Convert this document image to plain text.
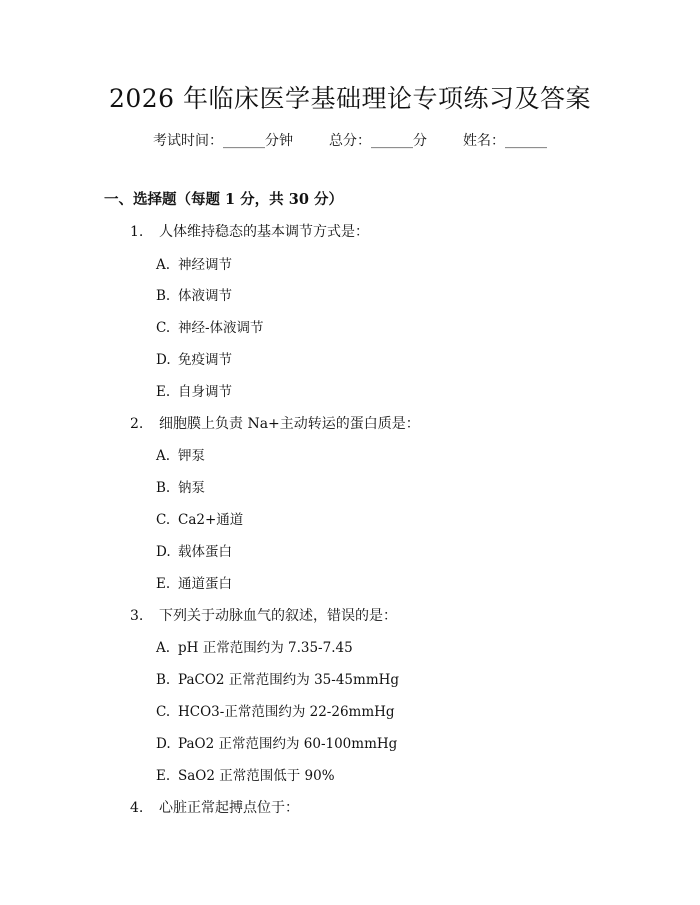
2026 年临床医学基础理论专项练习及答案
考试时间：______分钟	总分：______分	姓名：______
一、选择题（每题 1 分，共 30 分）
1. 人体维持稳态的基本调节方式是：
A. 神经调节
B. 体液调节
C. 神经-体液调节
D. 免疫调节
E. 自身调节
2. 细胞膜上负责 Na+主动转运的蛋白质是：
A. 钾泵
B. 钠泵
C. Ca2+通道
D. 载体蛋白
E. 通道蛋白
3. 下列关于动脉血气的叙述，错误的是：
A. pH 正常范围约为 7.35-7.45
B. PaCO2 正常范围约为 35-45mmHg
C. HCO3-正常范围约为 22-26mmHg
D. PaO2 正常范围约为 60-100mmHg
E. SaO2 正常范围低于 90%
4. 心脏正常起搏点位于：
